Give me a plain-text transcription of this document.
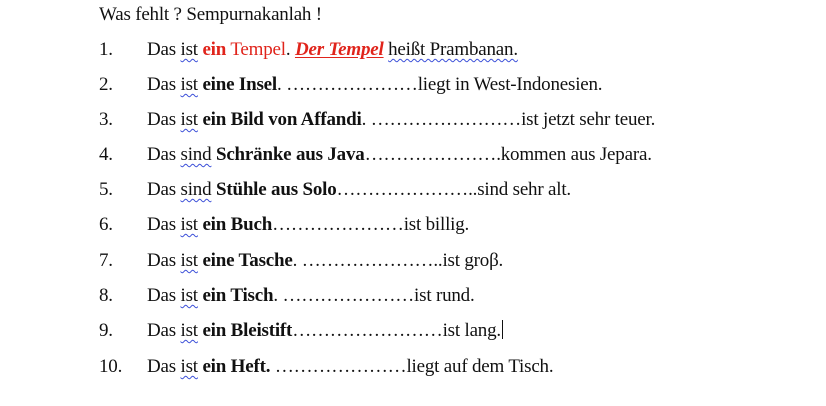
Was fehlt ? Sempurnakanlah !
1. Das ist ein Tempel. Der Tempel heißt Prambanan.
2. Das ist eine Insel. …………………liegt in West-Indonesien.
3. Das ist ein Bild von Affandi. ……………………ist jetzt sehr teuer.
4. Das sind Schränke aus Java………………….kommen aus Jepara.
5. Das sind Stühle aus Solo…………………..sind sehr alt.
6. Das ist ein Buch…………………ist billig.
7. Das ist eine Tasche. …………………..ist groβ.
8. Das ist ein Tisch. …………………ist rund.
9. Das ist ein Bleistift……………………ist lang.
10. Das ist ein Heft. …………………liegt auf dem Tisch.
